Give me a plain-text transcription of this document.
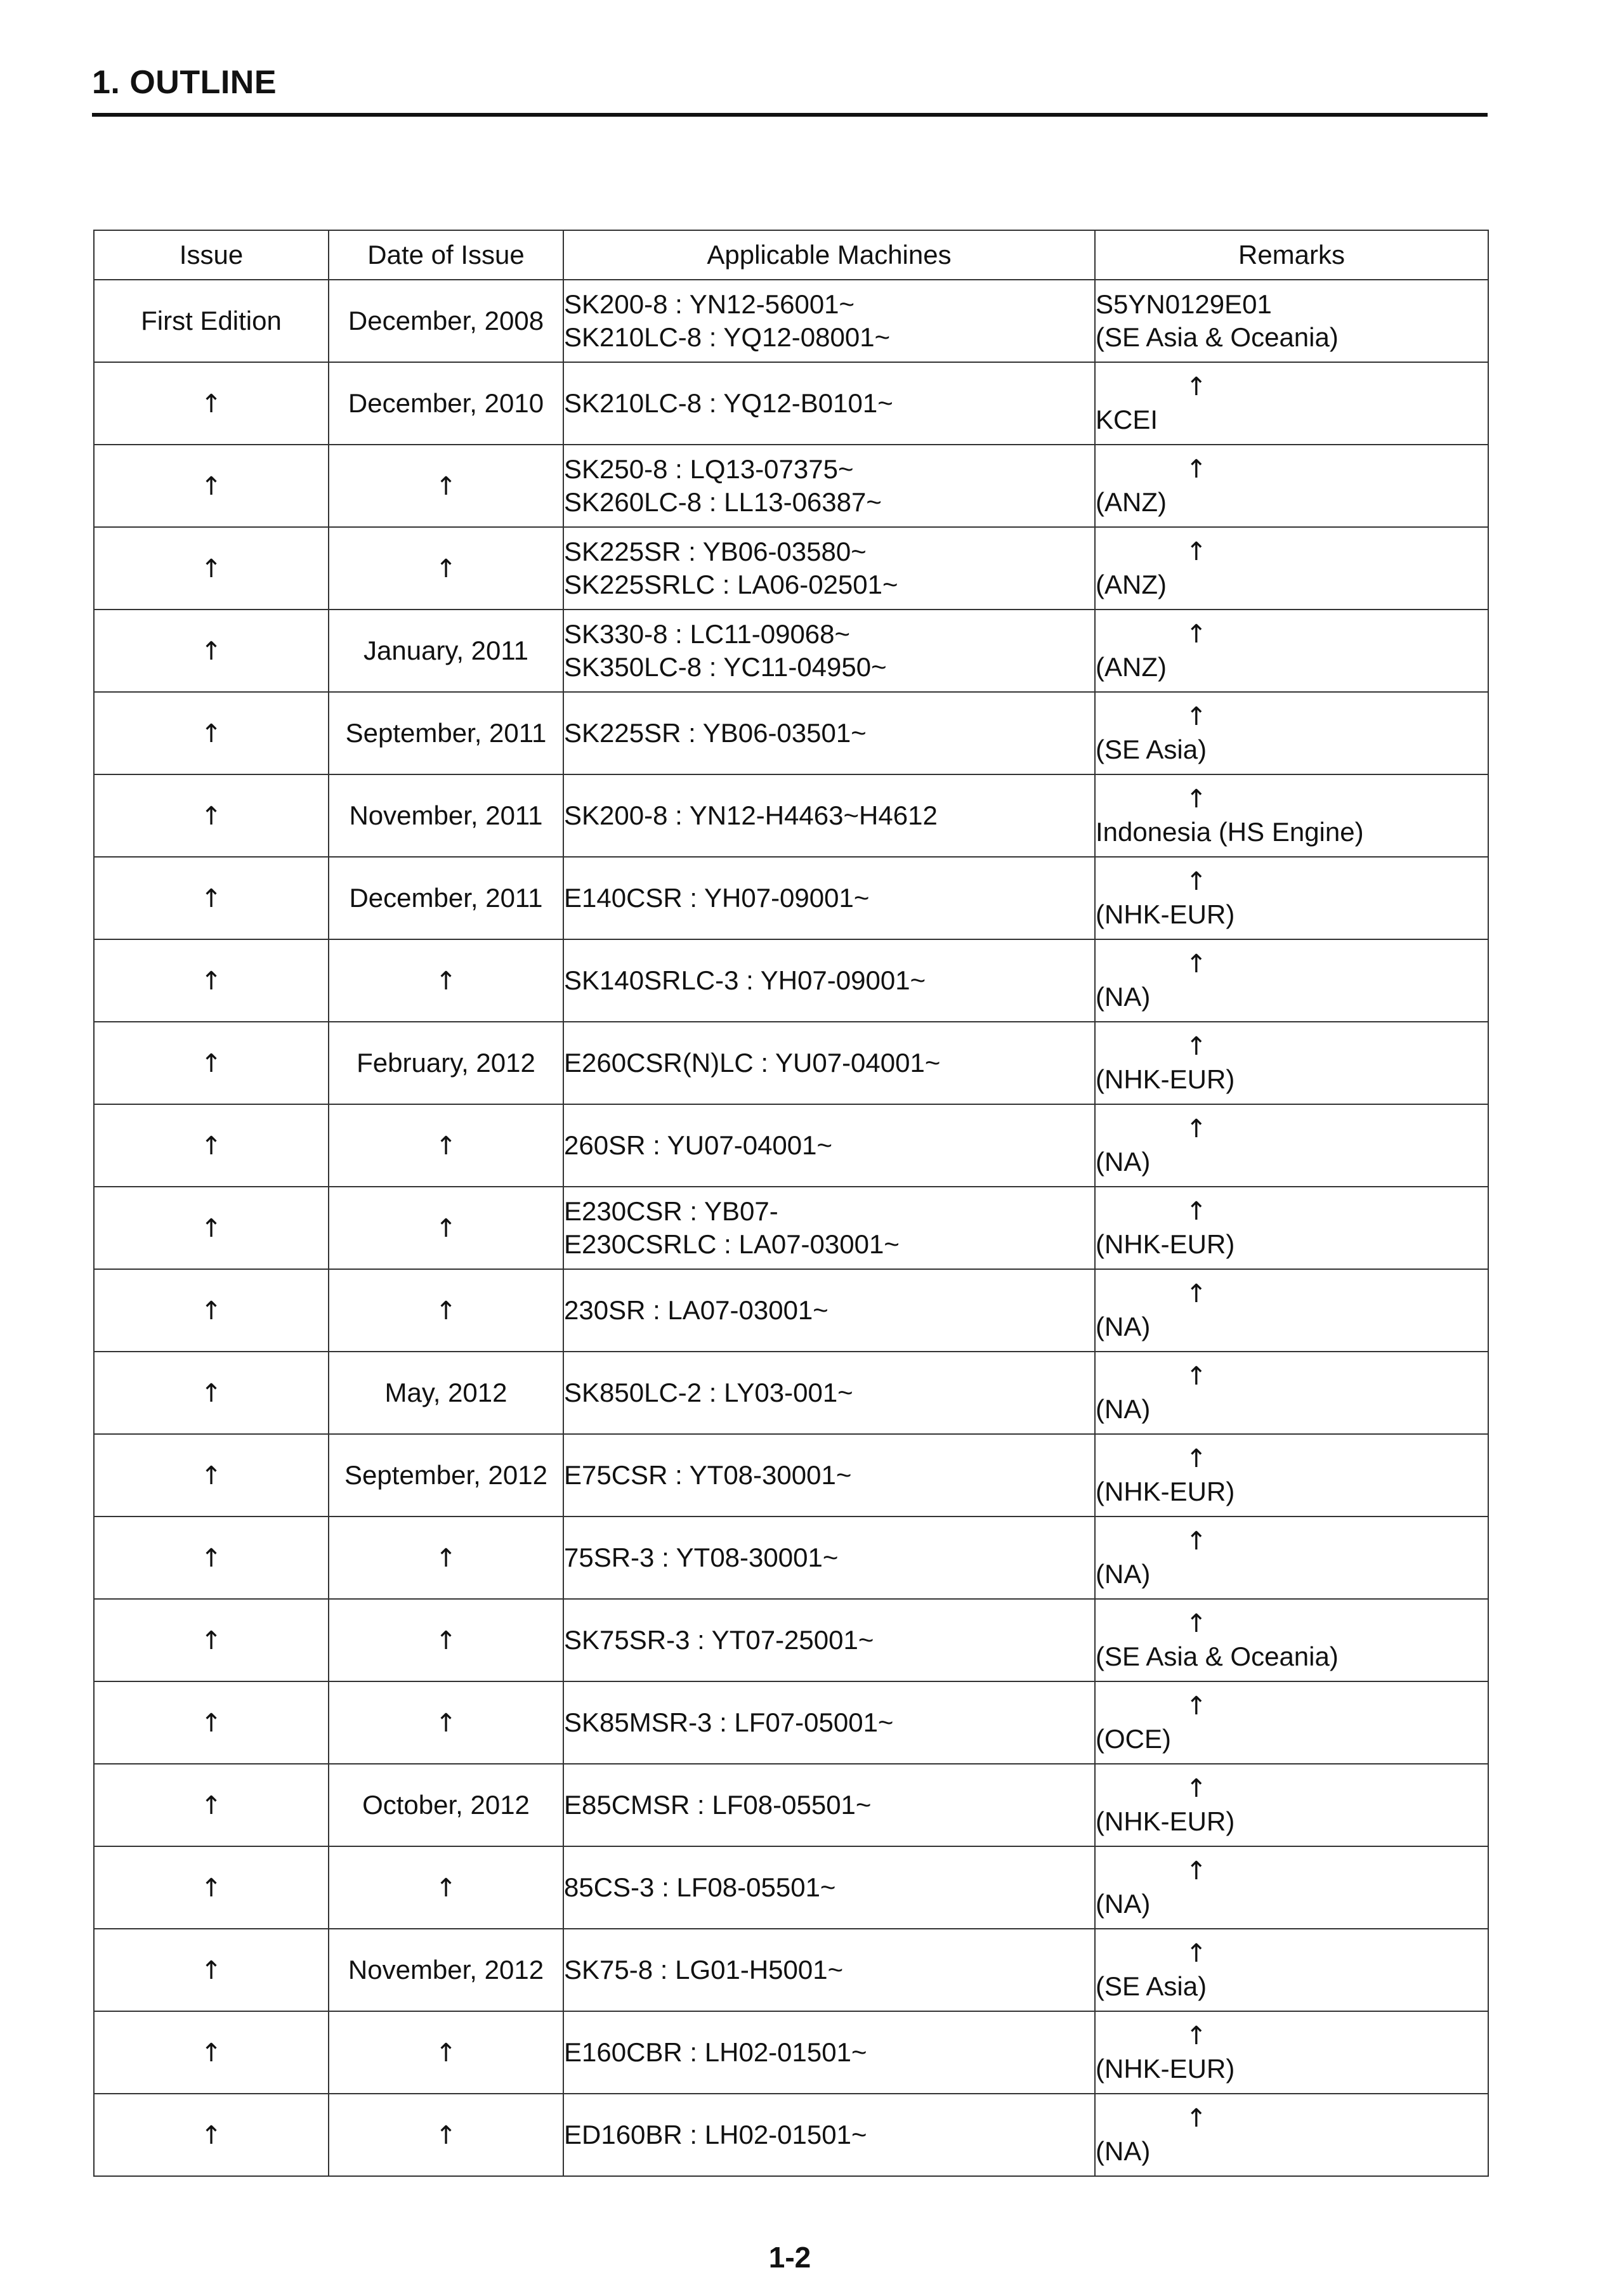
1. OUTLINE
Issue	Date of Issue	Applicable Machines	Remarks
First Edition	December, 2008	SK200-8 : YN12-56001~
SK210LC-8 : YQ12-08001~	S5YN0129E01
(SE Asia & Oceania)

↑	December, 2010	SK210LC-8 : YQ12-B0101~	↑
KCEI

↑	↑	SK250-8 : LQ13-07375~
SK260LC-8 : LL13-06387~	↑
(ANZ)

↑	↑	SK225SR : YB06-03580~
SK225SRLC : LA06-02501~	↑
(ANZ)

↑	January, 2011	SK330-8 : LC11-09068~
SK350LC-8 : YC11-04950~	↑
(ANZ)

↑	September, 2011	SK225SR : YB06-03501~	↑
(SE Asia)

↑	November, 2011	SK200-8 : YN12-H4463~H4612	↑
Indonesia (HS Engine)

↑	December, 2011	E140CSR : YH07-09001~	↑
(NHK-EUR)

↑	↑	SK140SRLC-3 : YH07-09001~	↑
(NA)

↑	February, 2012	E260CSR(N)LC : YU07-04001~	↑
(NHK-EUR)

↑	↑	260SR : YU07-04001~	↑
(NA)

↑	↑	E230CSR : YB07-
E230CSRLC : LA07-03001~	↑
(NHK-EUR)

↑	↑	230SR : LA07-03001~	↑
(NA)

↑	May, 2012	SK850LC-2 : LY03-001~	↑
(NA)

↑	September, 2012	E75CSR : YT08-30001~	↑
(NHK-EUR)

↑	↑	75SR-3 : YT08-30001~	↑
(NA)

↑	↑	SK75SR-3 : YT07-25001~	↑
(SE Asia & Oceania)

↑	↑	SK85MSR-3 : LF07-05001~	↑
(OCE)

↑	October, 2012	E85CMSR : LF08-05501~	↑
(NHK-EUR)

↑	↑	85CS-3 : LF08-05501~	↑
(NA)

↑	November, 2012	SK75-8 : LG01-H5001~	↑
(SE Asia)

↑	↑	E160CBR : LH02-01501~	↑
(NHK-EUR)

↑	↑	ED160BR : LH02-01501~	↑
(NA)
1-2
